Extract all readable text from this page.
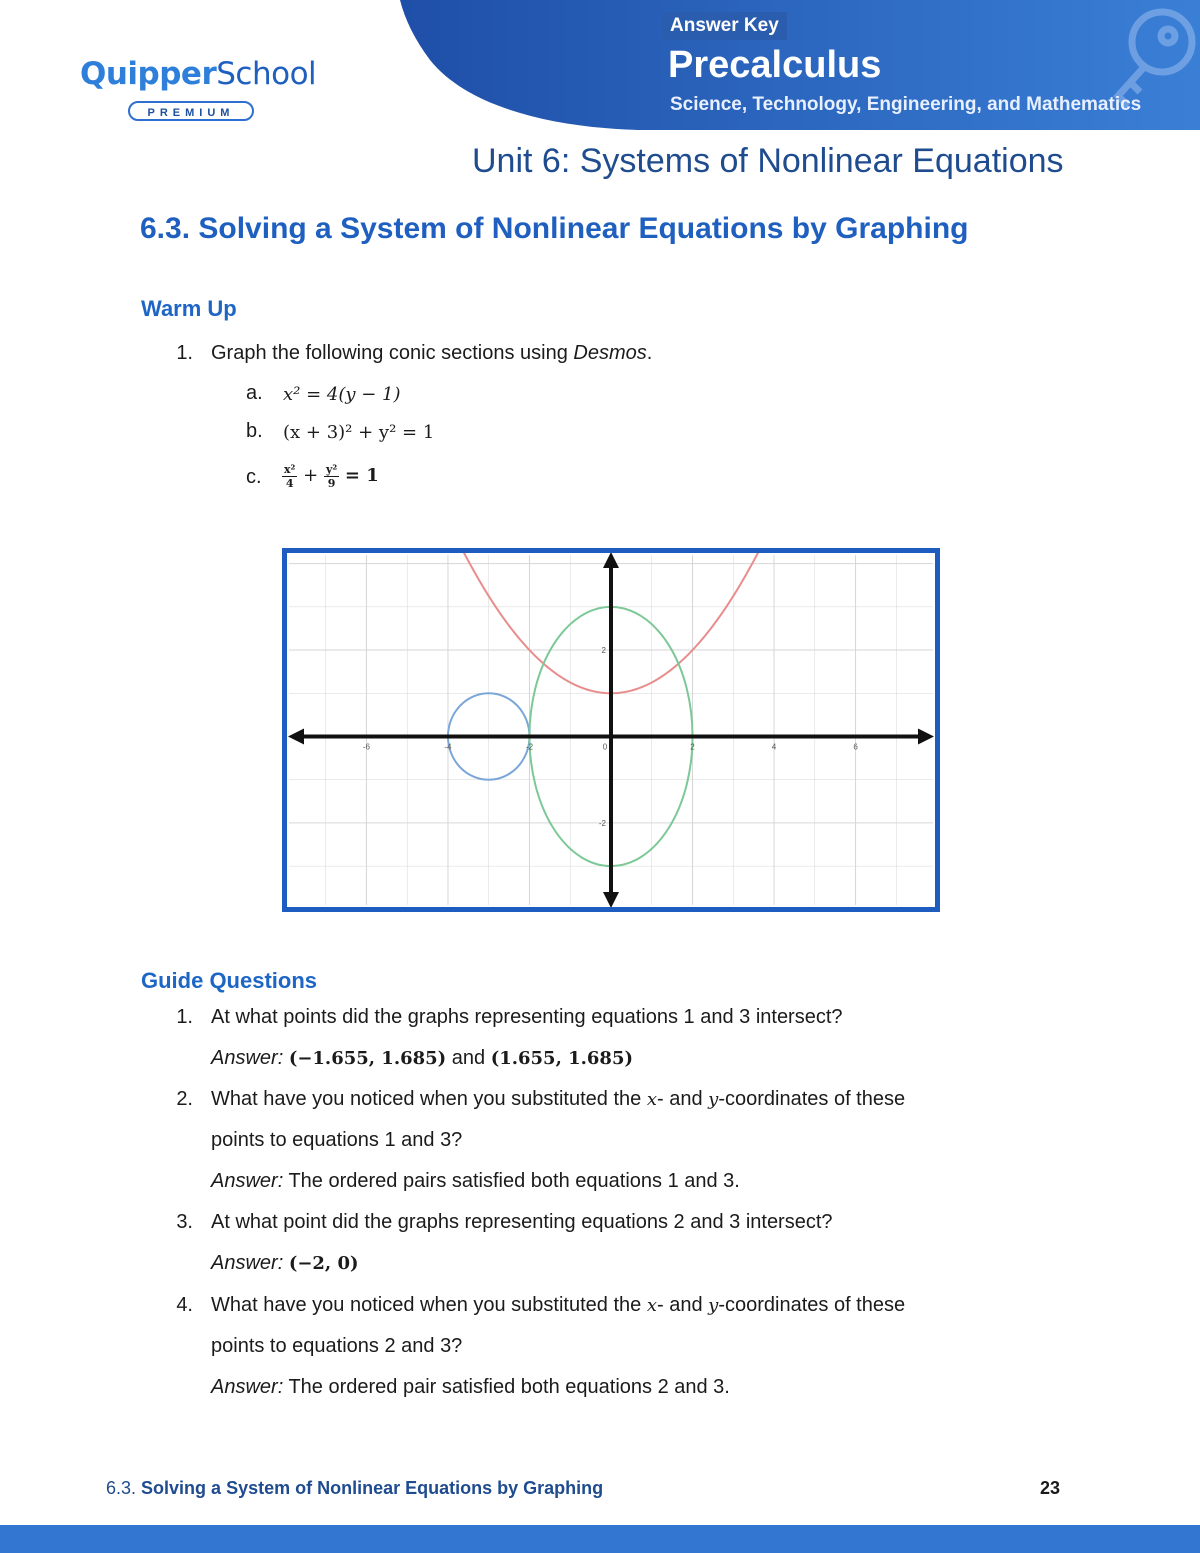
QuipperSchool
PREMIUM
Answer Key
Precalculus
Science, Technology, Engineering, and Mathematics
Unit 6: Systems of Nonlinear Equations
6.3. Solving a System of Nonlinear Equations by Graphing
Warm Up
1. Graph the following conic sections using Desmos.
a. x² = 4(y − 1)
b. (x + 3)² + y² = 1
c. $\frac{\text{x²}}{4} + \frac{\text{y²}}{9} = 1$
-6	-4	-2	0	2	4	6
2
-2
Guide Questions
1. At what points did the graphs representing equations 1 and 3 intersect?
Answer: (−1.655, 1.685) and (1.655, 1.685)
2. What have you noticed when you substituted the x- and y-coordinates of these
points to equations 1 and 3?
Answer: The ordered pairs satisfied both equations 1 and 3.
3. At what point did the graphs representing equations 2 and 3 intersect?
Answer: (−2, 0)
4. What have you noticed when you substituted the x- and y-coordinates of these
points to equations 2 and 3?
Answer: The ordered pair satisfied both equations 2 and 3.
6.3. Solving a System of Nonlinear Equations by Graphing	23
